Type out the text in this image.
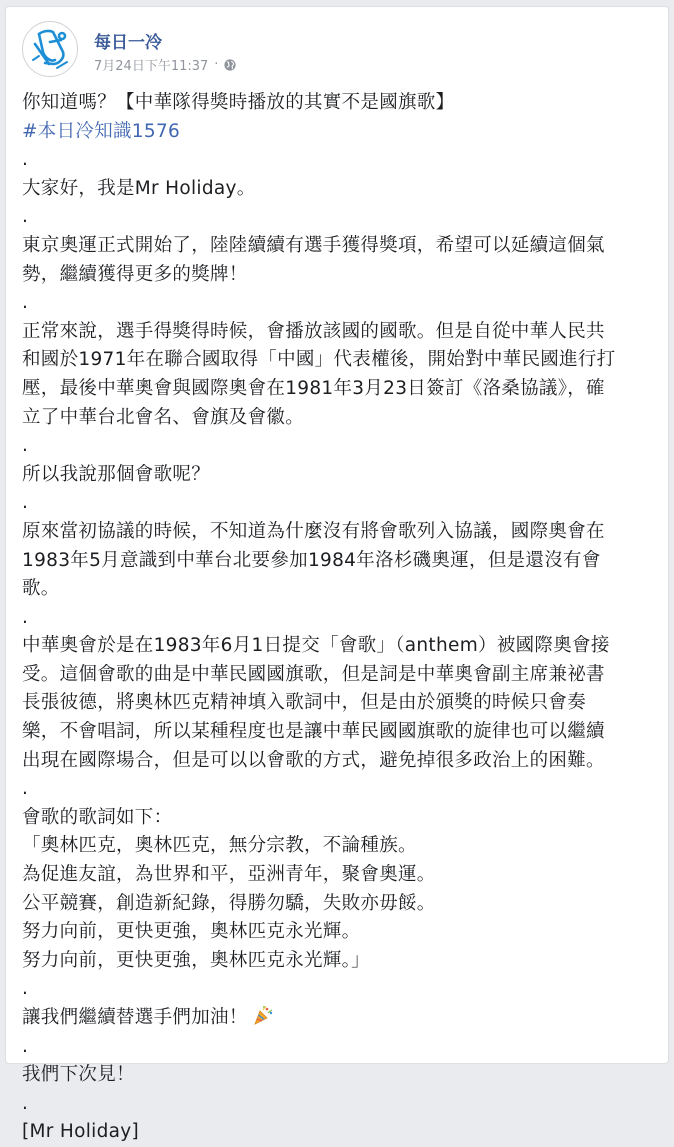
每日一冷
7月24日下午11:37 ·
你知道嗎？【中華隊得獎時播放的其實不是國旗歌】
#本日冷知識1576
.
大家好，我是Mr Holiday。
.
東京奧運正式開始了，陸陸續續有選手獲得獎項，希望可以延續這個氣
勢，繼續獲得更多的獎牌！
.
正常來說，選手得獎得時候，會播放該國的國歌。但是自從中華人民共
和國於1971年在聯合國取得「中國」代表權後，開始對中華民國進行打
壓，最後中華奧會與國際奧會在1981年3月23日簽訂《洛桑協議》，確
立了中華台北會名、會旗及會徽。
.
所以我說那個會歌呢？
.
原來當初協議的時候，不知道為什麼沒有將會歌列入協議，國際奧會在
1983年5月意識到中華台北要參加1984年洛杉磯奧運，但是還沒有會
歌。
.
中華奧會於是在1983年6月1日提交「會歌」（anthem）被國際奧會接
受。這個會歌的曲是中華民國國旗歌，但是詞是中華奧會副主席兼祕書
長張彼德，將奧林匹克精神填入歌詞中，但是由於頒獎的時候只會奏
樂，不會唱詞，所以某種程度也是讓中華民國國旗歌的旋律也可以繼續
出現在國際場合，但是可以以會歌的方式，避免掉很多政治上的困難。
.
會歌的歌詞如下：
「奧林匹克，奧林匹克，無分宗教，不論種族。
為促進友誼，為世界和平，亞洲青年，聚會奧運。
公平競賽，創造新紀錄，得勝勿驕，失敗亦毋餒。
努力向前，更快更強，奧林匹克永光輝。
努力向前，更快更強，奧林匹克永光輝。」
.
讓我們繼續替選手們加油！
.
我們下次見！
.
[Mr Holiday]
